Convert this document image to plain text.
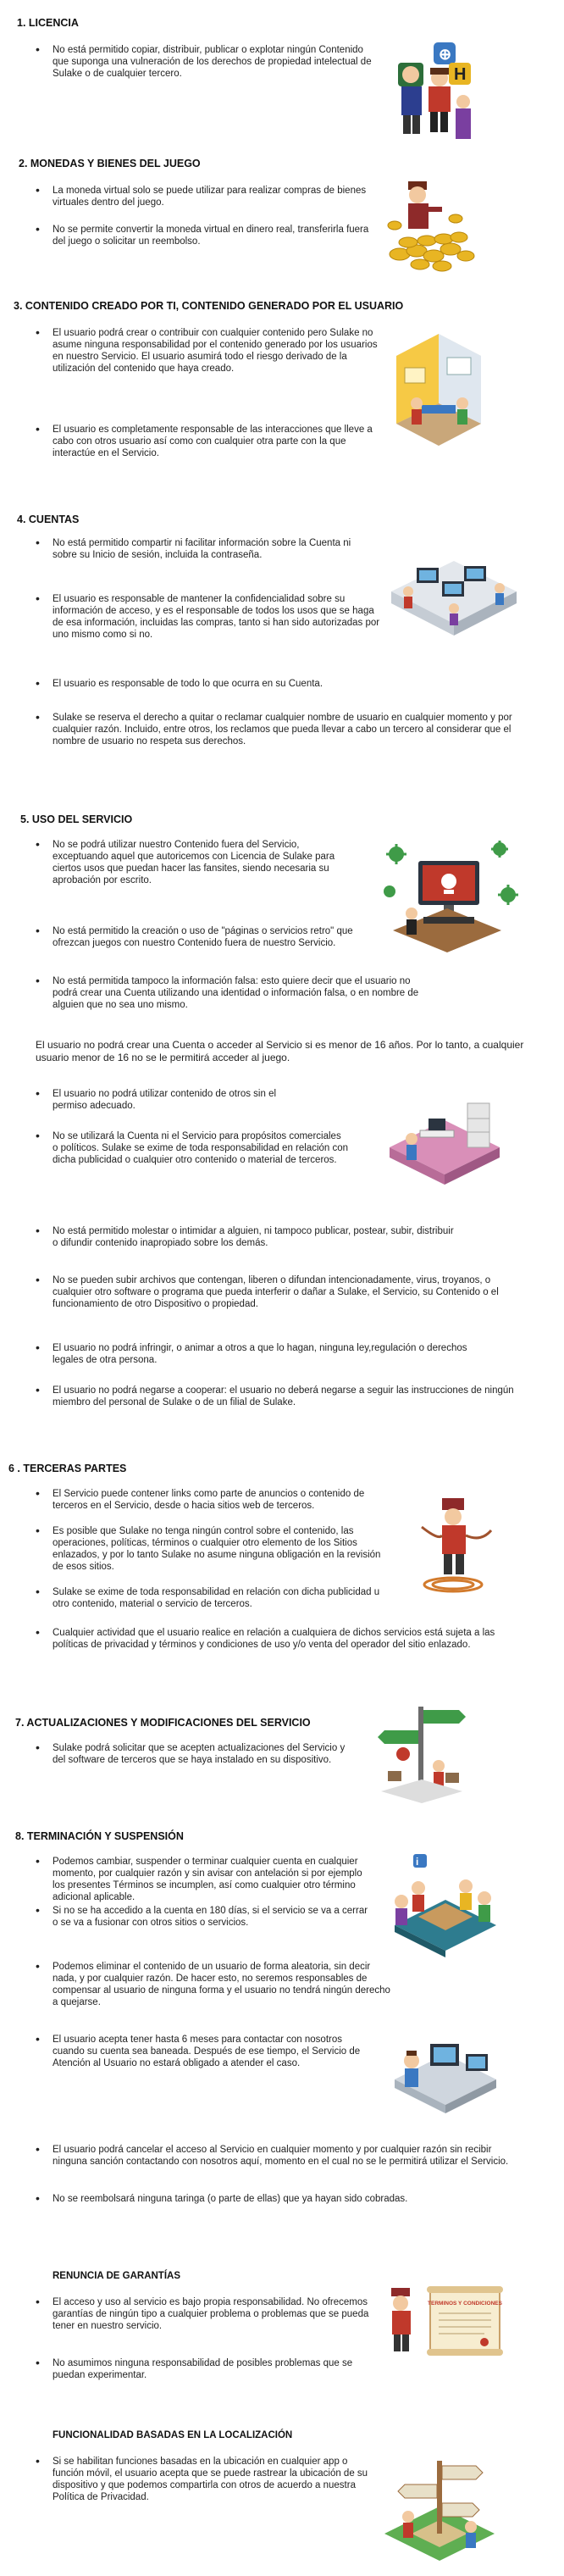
1. LICENCIA
• No está permitido copiar, distribuir, publicar o explotar ningún Contenido que suponga una vulneración de los derechos de propiedad intelectual de Sulake o de cualquier tercero.
⊕
H
2. MONEDAS Y BIENES DEL JUEGO
• La moneda virtual solo se puede utilizar para realizar compras de bienes virtuales dentro del juego.
• No se permite convertir la moneda virtual en dinero real, transferirla fuera del juego o solicitar un reembolso.
3. CONTENIDO CREADO POR TI, CONTENIDO GENERADO POR EL USUARIO
• El usuario podrá crear o contribuir con cualquier contenido pero Sulake no asume ninguna responsabilidad por el contenido generado por los usuarios en nuestro Servicio. El usuario asumirá todo el riesgo derivado de la utilización del contenido que haya creado.
• El usuario es completamente responsable de las interacciones que lleve a cabo con otros usuario así como con cualquier otra parte con la que interactúe en el Servicio.
4. CUENTAS
• No está permitido compartir ni facilitar información sobre la Cuenta ni sobre su Inicio de sesión, incluida la contraseña.
• El usuario es responsable de mantener la confidencialidad sobre su información de acceso, y es el responsable de todos los usos que se haga de esa información, incluidas las compras, tanto si han sido autorizadas por uno mismo como si no.
• El usuario es responsable de todo lo que ocurra en su Cuenta.
• Sulake se reserva el derecho a quitar o reclamar cualquier nombre de usuario en cualquier momento y por cualquier razón. Incluido, entre otros, los reclamos que pueda llevar a cabo un tercero al considerar que el nombre de usuario no respeta sus derechos.
5. USO DEL SERVICIO
• No se podrá utilizar nuestro Contenido fuera del Servicio, exceptuando aquel que autoricemos con Licencia de Sulake para ciertos usos que puedan hacer las fansites, siendo necesaria su aprobación por escrito.
• No está permitido la creación o uso de "páginas o servicios retro" que ofrezcan juegos con nuestro Contenido fuera de nuestro Servicio.
• No está permitida tampoco la información falsa: esto quiere decir que el usuario no podrá crear una Cuenta utilizando una identidad o información falsa, o en nombre de alguien que no sea uno mismo.
El usuario no podrá crear una Cuenta o acceder al Servicio si es menor de 16 años. Por lo tanto, a cualquier usuario menor de 16 no se le permitirá acceder al juego.
• El usuario no podrá utilizar contenido de otros sin el permiso adecuado.
• No se utilizará la Cuenta ni el Servicio para propósitos comerciales o políticos. Sulake se exime de toda responsabilidad en relación con dicha publicidad o cualquier otro contenido o material de terceros.
• No está permitido molestar o intimidar a alguien, ni tampoco publicar, postear, subir, distribuir o difundir contenido inapropiado sobre los demás.
• No se pueden subir archivos que contengan, liberen o difundan intencionadamente, virus, troyanos, o cualquier otro software o programa que pueda interferir o dañar a Sulake, el Servicio, su Contenido o el funcionamiento de otro Dispositivo o propiedad.
• El usuario no podrá infringir, o animar a otros a que lo hagan, ninguna ley,regulación o derechos legales de otra persona.
• El usuario no podrá negarse a cooperar: el usuario no deberá negarse a seguir las instrucciones de ningún miembro del personal de Sulake o de un filial de Sulake.
6 . TERCERAS PARTES
• El Servicio puede contener links como parte de anuncios o contenido de terceros en el Servicio, desde o hacia sitios web de terceros.
• Es posible que Sulake no tenga ningún control sobre el contenido, las operaciones, políticas, términos o cualquier otro elemento de los Sitios enlazados, y por lo tanto Sulake no asume ninguna obligación en la revisión de esos sitios.
• Sulake se exime de toda responsabilidad en relación con dicha publicidad u otro contenido, material o servicio de terceros.
• Cualquier actividad que el usuario realice en relación a cualquiera de dichos servicios está sujeta a las políticas de privacidad y términos y condiciones de uso y/o venta del operador del sitio enlazado.
7. ACTUALIZACIONES Y MODIFICACIONES DEL SERVICIO
• Sulake podrá solicitar que se acepten actualizaciones del Servicio y del software de terceros que se haya instalado en su dispositivo.
8. TERMINACIÓN Y SUSPENSIÓN
• Podemos cambiar, suspender o terminar cualquier cuenta en cualquier momento, por cualquier razón y sin avisar con antelación si por ejemplo los presentes Términos se incumplen, así como cualquier otro término adicional aplicable.
• Si no se ha accedido a la cuenta en 180 días, si el servicio se va a cerrar o se va a fusionar con otros sitios o servicios.
• Podemos eliminar el contenido de un usuario de forma aleatoria, sin decir nada, y por cualquier razón. De hacer esto, no seremos responsables de compensar al usuario de ninguna forma y el usuario no tendrá ningún derecho a quejarse.
• El usuario acepta tener hasta 6 meses para contactar con nosotros cuando su cuenta sea baneada. Después de ese tiempo, el Servicio de Atención al Usuario no estará obligado a atender el caso.
• El usuario podrá cancelar el acceso al Servicio en cualquier momento y por cualquier razón sin recibir ninguna sanción contactando con nosotros aquí, momento en el cual no se le permitirá utilizar el Servicio.
• No se reembolsará ninguna taringa (o parte de ellas) que ya hayan sido cobradas.
i
RENUNCIA DE GARANTÍAS
• El acceso y uso al servicio es bajo propia responsabilidad. No ofrecemos garantías de ningún tipo a cualquier problema o problemas que se pueda tener en nuestro servicio.
• No asumimos ninguna responsabilidad de posibles problemas que se puedan experimentar.
TERMINOS Y CONDICIONES
FUNCIONALIDAD BASADAS EN LA LOCALIZACIÓN
• Si se habilitan funciones basadas en la ubicación en cualquier app o función móvil, el usuario acepta que se puede rastrear la ubicación de su dispositivo y que podemos compartirla con otros de acuerdo a nuestra Política de Privacidad.
